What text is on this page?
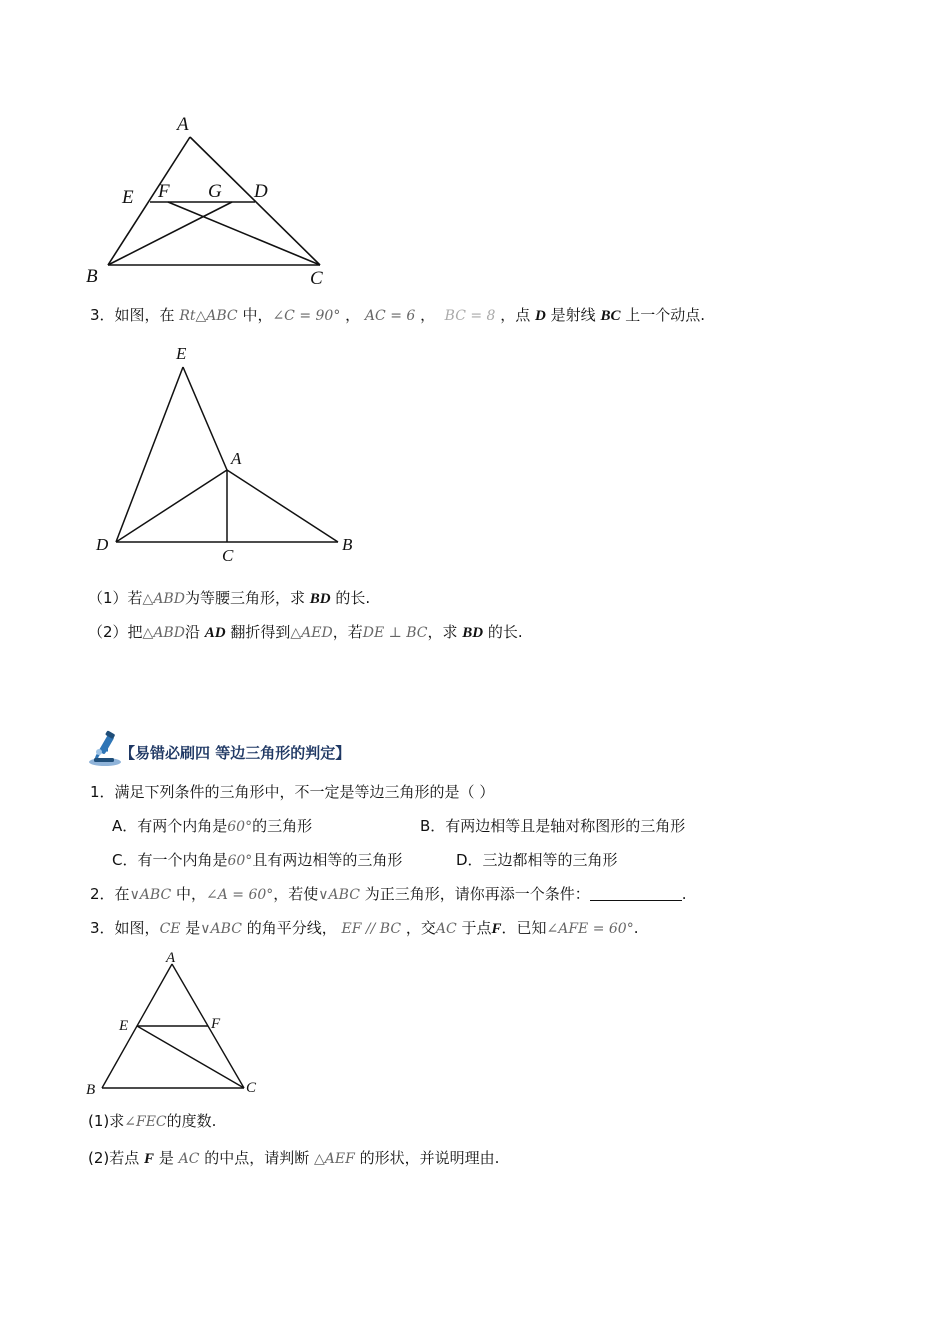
A
E F G D
B	C
3．如图，在 Rt△ABC 中，∠C = 90° ， AC = 6 ， BC = 8 ，点 D 是射线 BC 上一个动点.
E
A
D
C
B
（1）若△ABD为等腰三角形，求 BD 的长.
（2）把△ABD沿 AD 翻折得到△AED，若DE ⊥ BC，求 BD 的长.
【易错必刷四 等边三角形的判定】
1．满足下列条件的三角形中，不一定是等边三角形的是（ ）
A．有两个内角是60°的三角形	B．有两边相等且是轴对称图形的三角形
C．有一个内角是60°且有两边相等的三角形	D．三边都相等的三角形
2．在∨ABC 中，∠A = 60°，若使∨ABC 为正三角形，请你再添一个条件：	.
3．如图，CE 是∨ABC 的角平分线， EF // BC ，交AC 于点F．已知∠AFE = 60°.
A
E	F
B	C
(1)求∠FEC的度数.
(2)若点 F 是 AC 的中点，请判断 △AEF 的形状，并说明理由.
